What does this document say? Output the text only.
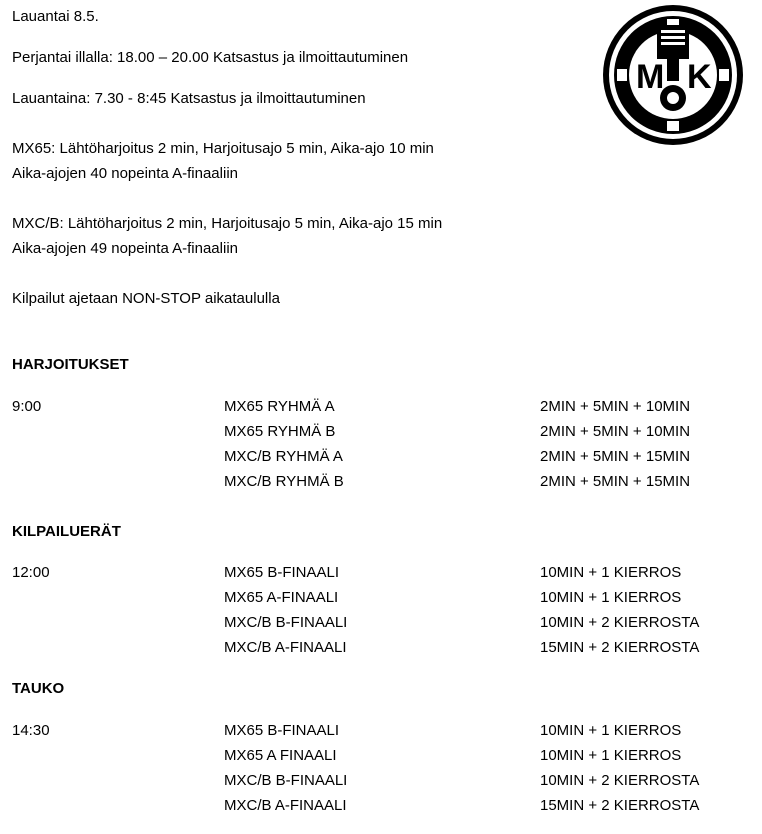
Lauantai 8.5.
Perjantai illalla: 18.00 – 20.00 Katsastus ja ilmoittautuminen
Lauantaina: 7.30 - 8:45 Katsastus ja ilmoittautuminen
MX65: Lähtöharjoitus 2 min, Harjoitusajo 5 min, Aika-ajo 10 min
Aika-ajojen 40 nopeinta A-finaaliin
MXC/B: Lähtöharjoitus 2 min, Harjoitusajo 5 min, Aika-ajo 15 min
Aika-ajojen 49 nopeinta A-finaaliin
Kilpailut ajetaan NON-STOP aikataululla
M K
HARJOITUKSET
9:00	MX65 RYHMÄ A	2MIN + 5MIN + 10MIN
MX65 RYHMÄ B	2MIN + 5MIN + 10MIN
MXC/B RYHMÄ A	2MIN + 5MIN + 15MIN
MXC/B RYHMÄ B	2MIN + 5MIN + 15MIN
KILPAILUERÄT
12:00	MX65 B-FINAALI	10MIN + 1 KIERROS
MX65 A-FINAALI	10MIN + 1 KIERROS
MXC/B B-FINAALI	10MIN + 2 KIERROSTA
MXC/B A-FINAALI	15MIN + 2 KIERROSTA
TAUKO
14:30	MX65 B-FINAALI	10MIN + 1 KIERROS
MX65 A FINAALI	10MIN + 1 KIERROS
MXC/B B-FINAALI	10MIN + 2 KIERROSTA
MXC/B A-FINAALI	15MIN + 2 KIERROSTA
